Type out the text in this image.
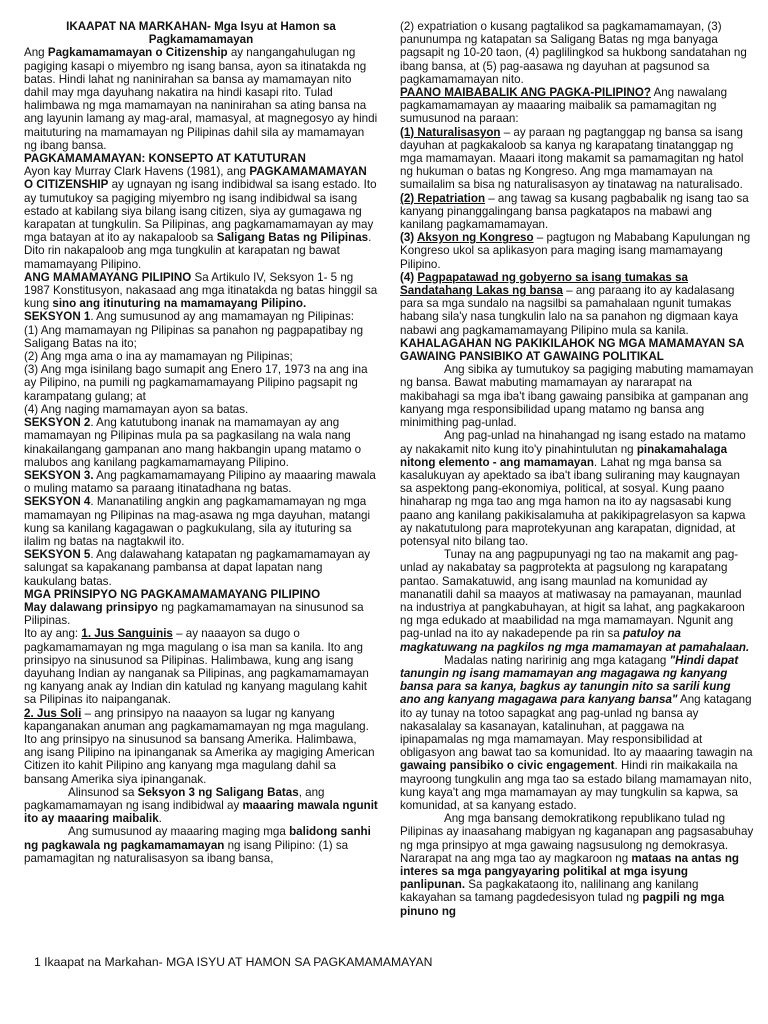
IKAAPAT NA MARKAHAN- Mga Isyu at Hamon sa Pagkamamamayan

Ang Pagkamamamayan o Citizenship ay nangangahulugan ng pagiging kasapi o miyembro ng isang bansa, ayon sa itinatakda ng batas. Hindi lahat ng naninirahan sa bansa ay mamamayan nito dahil may mga dayuhang nakatira na hindi kasapi rito. Tulad halimbawa ng mga mamamayan na naninirahan sa ating bansa na ang layunin lamang ay mag-aral, mamasyal, at magnegosyo ay hindi maituturing na mamamayan ng Pilipinas dahil sila ay mamamayan ng ibang bansa.

PAGKAMAMAMAYAN: KONSEPTO AT KATUTURAN

Ayon kay Murray Clark Havens (1981), ang PAGKAMAMAMAYAN O CITIZENSHIP ay ugnayan ng isang indibidwal sa isang estado. Ito ay tumutukoy sa pagiging miyembro ng isang indibidwal sa isang estado at kabilang siya bilang isang citizen, siya ay gumagawa ng karapatan at tungkulin. Sa Pilipinas, ang pagkamamamayan ay may mga batayan at ito ay nakapaloob sa Saligang Batas ng Pilipinas. Dito rin nakapaloob ang mga tungkulin at karapatan ng bawat mamamayang Pilipino.

ANG MAMAMAYANG PILIPINO Sa Artikulo IV, Seksyon 1- 5 ng 1987 Konstitusyon, nakasaad ang mga itinatakda ng batas hinggil sa kung sino ang itinuturing na mamamayang Pilipino.

SEKSYON 1. Ang sumusunod ay ang mamamayan ng Pilipinas:

(1) Ang mamamayan ng Pilipinas sa panahon ng pagpapatibay ng Saligang Batas na ito;

(2) Ang mga ama o ina ay mamamayan ng Pilipinas;

(3) Ang mga isinilang bago sumapit ang Enero 17, 1973 na ang ina ay Pilipino, na pumili ng pagkamamamayang Pilipino pagsapit ng karampatang gulang; at

(4) Ang naging mamamayan ayon sa batas.

SEKSYON 2. Ang katutubong inanak na mamamayan ay ang mamamayan ng Pilipinas mula pa sa pagkasilang na wala nang kinakailangang gampanan ano mang hakbangin upang matamo o malubos ang kanilang pagkamamamayang Pilipino.

SEKSYON 3. Ang pagkamamamayang Pilipino ay maaaring mawala o muling matamo sa paraang itinatadhana ng batas.

SEKSYON 4. Mananatiling angkin ang pagkamamamayan ng mga mamamayan ng Pilipinas na mag-asawa ng mga dayuhan, matangi kung sa kanilang kagagawan o pagkukulang, sila ay ituturing sa ilalim ng batas na nagtakwil ito.

SEKSYON 5. Ang dalawahang katapatan ng pagkamamamayan ay salungat sa kapakanang pambansa at dapat lapatan nang kaukulang batas.

MGA PRINSIPYO NG PAGKAMAMAMAYANG PILIPINO

May dalawang prinsipyo ng pagkamamamayan na sinusunod sa Pilipinas.

Ito ay ang: 1. Jus Sanguinis – ay naaayon sa dugo o pagkamamamayan ng mga magulang o isa man sa kanila. Ito ang prinsipyo na sinusunod sa Pilipinas. Halimbawa, kung ang isang dayuhang Indian ay nanganak sa Pilipinas, ang pagkamamamayan ng kanyang anak ay Indian din katulad ng kanyang magulang kahit sa Pilipinas ito naipanganak.

2. Jus Soli – ang prinsipyo na naaayon sa lugar ng kanyang kapanganakan anuman ang pagkamamamayan ng mga magulang. Ito ang prinsipyo na sinusunod sa bansang Amerika. Halimbawa, ang isang Pilipino na ipinanganak sa Amerika ay magiging American Citizen ito kahit Pilipino ang kanyang mga magulang dahil sa bansang Amerika siya ipinanganak.

Alinsunod sa Seksyon 3 ng Saligang Batas, ang pagkamamamayan ng isang indibidwal ay maaaring mawala ngunit ito ay maaaring maibalik.

Ang sumusunod ay maaaring maging mga balidong sanhi ng pagkawala ng pagkamamamayan ng isang Pilipino: (1) sa pamamagitan ng naturalisasyon sa ibang bansa,

(2) expatriation o kusang pagtalikod sa pagkamamamayan, (3) panunumpa ng katapatan sa Saligang Batas ng mga banyaga pagsapit ng 10-20 taon, (4) paglilingkod sa hukbong sandatahan ng ibang bansa, at (5) pag-aasawa ng dayuhan at pagsunod sa pagkamamamayan nito.

PAANO MAIBABALIK ANG PAGKA-PILIPINO? Ang nawalang pagkamamamayan ay maaaring maibalik sa pamamagitan ng sumusunod na paraan:

(1) Naturalisasyon – ay paraan ng pagtanggap ng bansa sa isang dayuhan at pagkakaloob sa kanya ng karapatang tinatanggap ng mga mamamayan. Maaari itong makamit sa pamamagitan ng hatol ng hukuman o batas ng Kongreso. Ang mga mamamayan na sumailalim sa bisa ng naturalisasyon ay tinatawag na naturalisado.

(2) Repatriation – ang tawag sa kusang pagbabalik ng isang tao sa kanyang pinanggalingang bansa pagkatapos na mabawi ang kanilang pagkamamamayan.

(3) Aksyon ng Kongreso – pagtugon ng Mababang Kapulungan ng Kongreso ukol sa aplikasyon para maging isang mamamayang Pilipino.

(4) Pagpapatawad ng gobyerno sa isang tumakas sa Sandatahang Lakas ng bansa – ang paraang ito ay kadalasang para sa mga sundalo na nagsilbi sa pamahalaan ngunit tumakas habang sila'y nasa tungkulin lalo na sa panahon ng digmaan kaya nabawi ang pagkamamamayang Pilipino mula sa kanila.

KAHALAGAHAN NG PAKIKILAHOK NG MGA MAMAMAYAN SA GAWAING PANSIBIKO AT GAWAING POLITIKAL

Ang sibika ay tumutukoy sa pagiging mabuting mamamayan ng bansa. Bawat mabuting mamamayan ay nararapat na makibahagi sa mga iba't ibang gawaing pansibika at gampanan ang kanyang mga responsibilidad upang matamo ng bansa ang minimithing pag-unlad.

Ang pag-unlad na hinahangad ng isang estado na matamo ay nakakamit nito kung ito'y pinahintulutan ng pinakamahalaga nitong elemento - ang mamamayan. Lahat ng mga bansa sa kasalukuyan ay apektado sa iba't ibang suliraning may kaugnayan sa aspektong pang-ekonomiya, political, at sosyal. Kung paano hinaharap ng mga tao ang mga hamon na ito ay nagsasabi kung paano ang kanilang pakikisalamuha at pakikipagrelasyon sa kapwa ay nakatutulong para maprotekyunan ang karapatan, dignidad, at potensyal nito bilang tao.

Tunay na ang pagpupunyagi ng tao na makamit ang pag-unlad ay nakabatay sa pagprotekta at pagsulong ng karapatang pantao. Samakatuwid, ang isang maunlad na komunidad ay mananatili dahil sa maayos at matiwasay na pamayanan, maunlad na industriya at pangkabuhayan, at higit sa lahat, ang pagkakaroon ng mga edukado at maabilidad na mga mamamayan. Ngunit ang pag-unlad na ito ay nakadepende pa rin sa patuloy na magkatuwang na pagkilos ng mga mamamayan at pamahalaan.

Madalas nating naririnig ang mga katagang "Hindi dapat tanungin ng isang mamamayan ang magagawa ng kanyang bansa para sa kanya, bagkus ay tanungin nito sa sarili kung ano ang kanyang magagawa para kanyang bansa" Ang katagang ito ay tunay na totoo sapagkat ang pag-unlad ng bansa ay nakasalalay sa kasanayan, katalinuhan, at paggawa na ipinapamalas ng mga mamamayan. May responsibilidad at obligasyon ang bawat tao sa komunidad. Ito ay maaaring tawagin na gawaing pansibiko o civic engagement. Hindi rin maikakaila na mayroong tungkulin ang mga tao sa estado bilang mamamayan nito, kung kaya't ang mga mamamayan ay may tungkulin sa kapwa, sa komunidad, at sa kanyang estado.

Ang mga bansang demokratikong republikano tulad ng Pilipinas ay inaasahang mabigyan ng kaganapan ang pagsasabuhay ng mga prinsipyo at mga gawaing nagsusulong ng demokrasya. Nararapat na ang mga tao ay magkaroon ng mataas na antas ng interes sa mga pangyayaring politikal at mga isyung panlipunan. Sa pagkakataong ito, nalilinang ang kanilang kakayahan sa tamang pagdedesisyon tulad ng pagpili ng mga pinuno ng

1 Ikaapat na Markahan- MGA ISYU AT HAMON SA PAGKAMAMAMAYAN
